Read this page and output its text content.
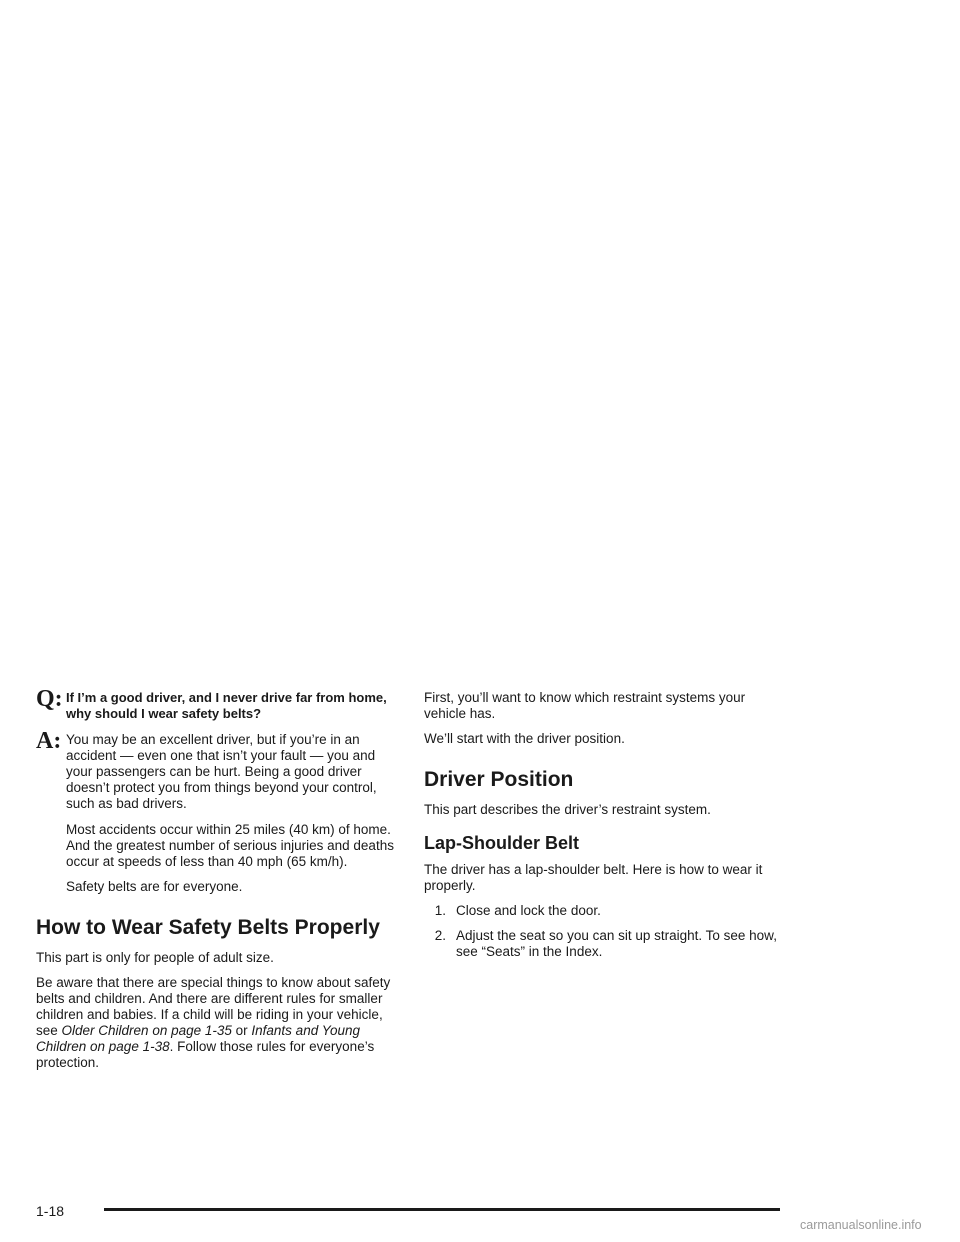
Q: If I’m a good driver, and I never drive far from home, why should I wear safety belts?
A: You may be an excellent driver, but if you’re in an accident — even one that isn’t your fault — you and your passengers can be hurt. Being a good driver doesn’t protect you from things beyond your control, such as bad drivers.

Most accidents occur within 25 miles (40 km) of home. And the greatest number of serious injuries and deaths occur at speeds of less than 40 mph (65 km/h).

Safety belts are for everyone.

How to Wear Safety Belts Properly

This part is only for people of adult size.

Be aware that there are special things to know about safety belts and children. And there are different rules for smaller children and babies. If a child will be riding in your vehicle, see Older Children on page 1-35 or Infants and Young Children on page 1-38. Follow those rules for everyone’s protection.

First, you’ll want to know which restraint systems your vehicle has.

We’ll start with the driver position.

Driver Position

This part describes the driver’s restraint system.

Lap-Shoulder Belt

The driver has a lap-shoulder belt. Here is how to wear it properly.

1. Close and lock the door.
2. Adjust the seat so you can sit up straight. To see how, see “Seats” in the Index.
1-18
carmanualsonline.info
